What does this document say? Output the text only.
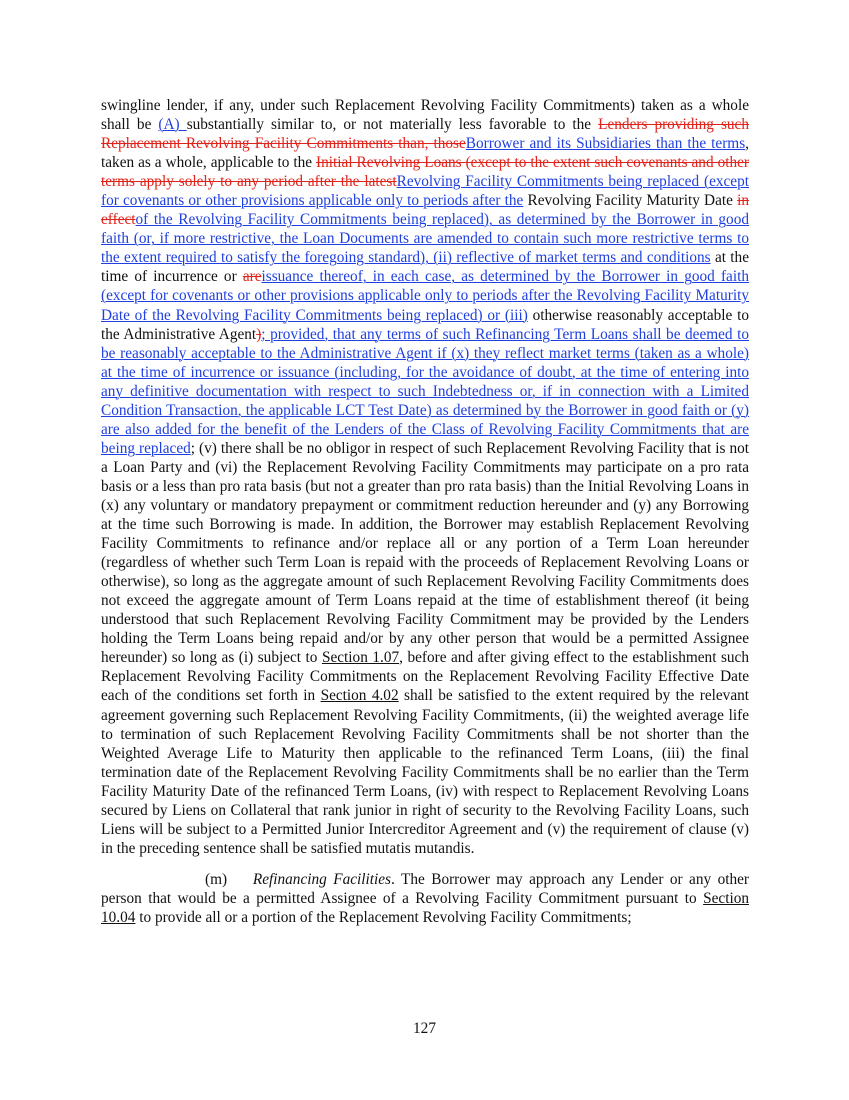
swingline lender, if any, under such Replacement Revolving Facility Commitments) taken as a whole shall be (A) substantially similar to, or not materially less favorable to the Lenders providing such Replacement Revolving Facility Commitments than, thoseBorrower and its Subsidiaries than the terms, taken as a whole, applicable to the Initial Revolving Loans (except to the extent such covenants and other terms apply solely to any period after the latestRevolving Facility Commitments being replaced (except for covenants or other provisions applicable only to periods after the Revolving Facility Maturity Date in effectof the Revolving Facility Commitments being replaced), as determined by the Borrower in good faith (or, if more restrictive, the Loan Documents are amended to contain such more restrictive terms to the extent required to satisfy the foregoing standard), (ii) reflective of market terms and conditions at the time of incurrence or areissuance thereof, in each case, as determined by the Borrower in good faith (except for covenants or other provisions applicable only to periods after the Revolving Facility Maturity Date of the Revolving Facility Commitments being replaced) or (iii) otherwise reasonably acceptable to the Administrative Agent); provided, that any terms of such Refinancing Term Loans shall be deemed to be reasonably acceptable to the Administrative Agent if (x) they reflect market terms (taken as a whole) at the time of incurrence or issuance (including, for the avoidance of doubt, at the time of entering into any definitive documentation with respect to such Indebtedness or, if in connection with a Limited Condition Transaction, the applicable LCT Test Date) as determined by the Borrower in good faith or (y) are also added for the benefit of the Lenders of the Class of Revolving Facility Commitments that are being replaced; (v) there shall be no obligor in respect of such Replacement Revolving Facility that is not a Loan Party and (vi) the Replacement Revolving Facility Commitments may participate on a pro rata basis or a less than pro rata basis (but not a greater than pro rata basis) than the Initial Revolving Loans in (x) any voluntary or mandatory prepayment or commitment reduction hereunder and (y) any Borrowing at the time such Borrowing is made. In addition, the Borrower may establish Replacement Revolving Facility Commitments to refinance and/or replace all or any portion of a Term Loan hereunder (regardless of whether such Term Loan is repaid with the proceeds of Replacement Revolving Loans or otherwise), so long as the aggregate amount of such Replacement Revolving Facility Commitments does not exceed the aggregate amount of Term Loans repaid at the time of establishment thereof (it being understood that such Replacement Revolving Facility Commitment may be provided by the Lenders holding the Term Loans being repaid and/or by any other person that would be a permitted Assignee hereunder) so long as (i) subject to Section 1.07, before and after giving effect to the establishment such Replacement Revolving Facility Commitments on the Replacement Revolving Facility Effective Date each of the conditions set forth in Section 4.02 shall be satisfied to the extent required by the relevant agreement governing such Replacement Revolving Facility Commitments, (ii) the weighted average life to termination of such Replacement Revolving Facility Commitments shall be not shorter than the Weighted Average Life to Maturity then applicable to the refinanced Term Loans, (iii) the final termination date of the Replacement Revolving Facility Commitments shall be no earlier than the Term Facility Maturity Date of the refinanced Term Loans, (iv) with respect to Replacement Revolving Loans secured by Liens on Collateral that rank junior in right of security to the Revolving Facility Loans, such Liens will be subject to a Permitted Junior Intercreditor Agreement and (v) the requirement of clause (v) in the preceding sentence shall be satisfied mutatis mutandis.

(m) Refinancing Facilities. The Borrower may approach any Lender or any other person that would be a permitted Assignee of a Revolving Facility Commitment pursuant to Section 10.04 to provide all or a portion of the Replacement Revolving Facility Commitments;

127
